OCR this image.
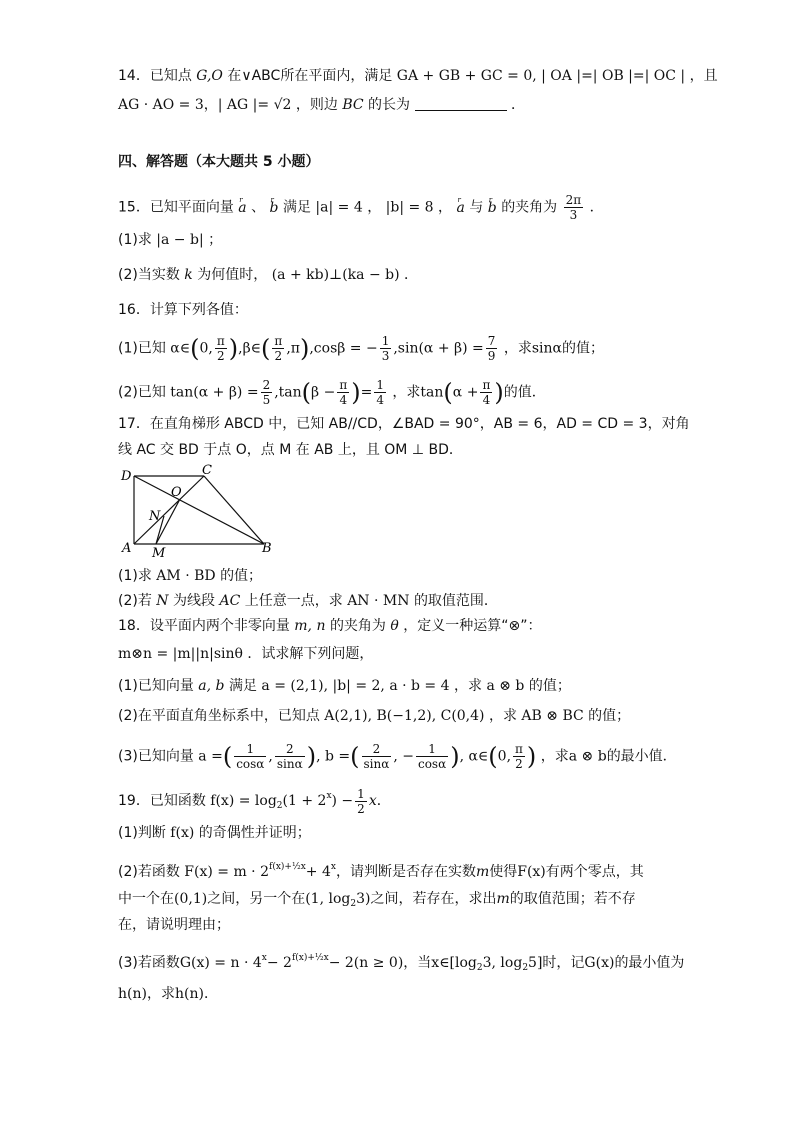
14．已知点 G,O 在∨ABC所在平面内，满足 GA + GB + GC = 0, | OA |=| OB |=| OC | ，且
AG · AO = 3，| AG |= √2 ，则边 BC 的长为	．
四、解答题（本大题共 5 小题）
15．已知平面向量 r a 、 r b 满足 |a| = 4 ， |b| = 8 ， r a 与 r b 的夹角为 $\frac{2\pi}{3}$ ．
(1)求 |a − b| ；
(2)当实数 k 为何值时， (a + kb)⊥(ka − b) ．
16．计算下列各值：
(1)已知 α∈(0, $\frac{\pi}{2}$ ),β∈( $\frac{\pi}{2} ,\pi),\cos\beta$ = − $\frac{1}{3} ,\sin(\alpha + \beta) = \frac{7}{9}$ ，求sinα的值；
(2)已知 $\tan(\alpha + \beta) = \frac{2}{5} ,\tan(\beta - \frac{\pi}{4}$ )= $\frac{1}{4}$ ，求$\tan(\alpha + \frac{\pi}{4}$ )的值．
17．在直角梯形 ABCD 中，已知 AB//CD，∠BAD = 90°，AB = 6，AD = CD = 3，对角
线 AC 交 BD 于点 O，点 M 在 AB 上，且 OM ⊥ BD．
D	C
O
N
A M	B
(1)求 AM · BD 的值；
(2)若 N 为线段 AC 上任意一点，求 AN · MN 的取值范围．
18．设平面内两个非零向量 m, n 的夹角为 θ ，定义一种运算“⊗”：
m⊗n = |m||n|sinθ ．试求解下列问题，
(1)已知向量 a, b 满足 a = (2,1), |b| = 2, a · b = 4 ，求 a ⊗ b 的值；
(2)在平面直角坐标系中，已知点 A(2,1), B(−1,2), C(0,4) ，求 AB ⊗ BC 的值；
(3)已知向量 a =( $\frac{1}{\cos\alpha}$ , $\frac{2}{\sin\alpha}$ ), b =( $\frac{2}{\sin\alpha}$ , − $\frac{1}{\cos\alpha}$ ), α∈(0, $\frac{\pi}{2}$ ) ，求a ⊗ b的最小值．
19．已知函数 $f(x) = \log_2(1 + 2^x) - \frac{1}{2}$ x．
(1)判断 f(x) 的奇偶性并证明；
(2)若函数 $F(x) = m \cdot 2^{f(x)+\frac{1}{2}x}+ 4^x$，请判断是否存在实数m使得F(x)有两个零点，其
中一个在(0,1)之间，另一个在(1, $\log_23$)之间，若存在，求出m的取值范围；若不存
在，请说明理由；
(3)若函数$G(x) = n \cdot 4^x- 2^{f(x)+\frac{1}{2}x}- 2(n \ge 0)$，当$x\in[\log_23$, $\log_25$]时，记G(x)的最小值为
h(n)，求h(n)．
